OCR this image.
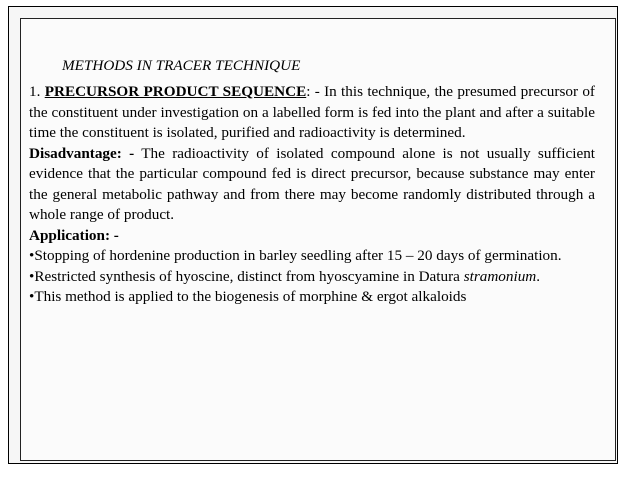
METHODS IN TRACER TECHNIQUE

1. PRECURSOR PRODUCT SEQUENCE: - In this technique, the presumed precursor of the constituent under investigation on a labelled form is fed into the plant and after a suitable time the constituent is isolated, purified and radioactivity is determined.

Disadvantage: - The radioactivity of isolated compound alone is not usually sufficient evidence that the particular compound fed is direct precursor, because substance may enter the general metabolic pathway and from there may become randomly distributed through a whole range of product.

Application: -

•Stopping of hordenine production in barley seedling after 15 – 20 days of germination.

•Restricted synthesis of hyoscine, distinct from hyoscyamine in Datura stramonium.

•This method is applied to the biogenesis of morphine & ergot alkaloids
